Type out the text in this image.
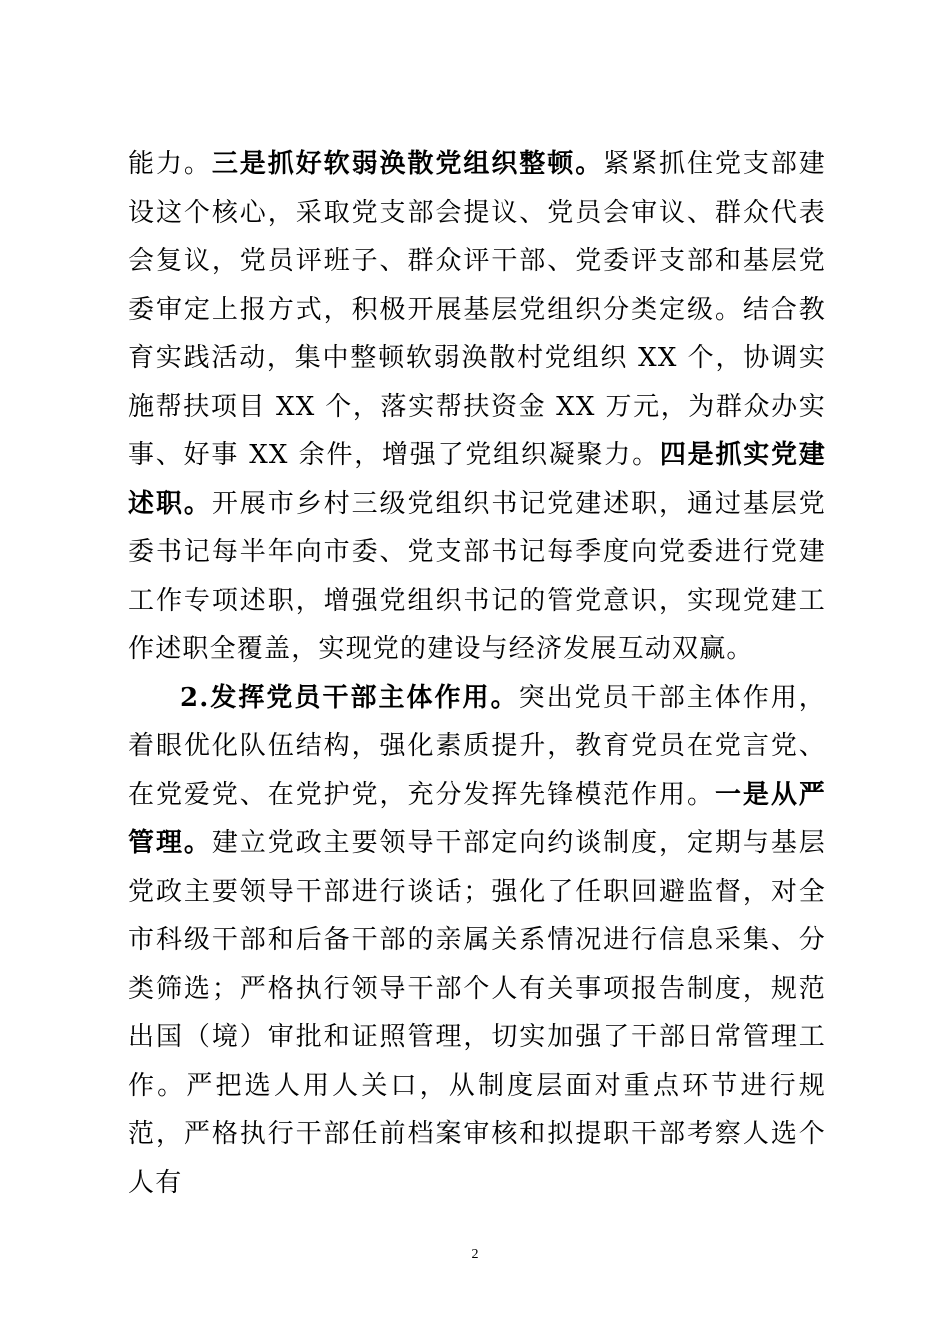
能力。三是抓好软弱涣散党组织整顿。紧紧抓住党支部建设这个核心，采取党支部会提议、党员会审议、群众代表会复议，党员评班子、群众评干部、党委评支部和基层党委审定上报方式，积极开展基层党组织分类定级。结合教育实践活动，集中整顿软弱涣散村党组织 XX 个，协调实施帮扶项目 XX 个，落实帮扶资金 XX 万元，为群众办实事、好事 XX 余件，增强了党组织凝聚力。四是抓实党建述职。开展市乡村三级党组织书记党建述职，通过基层党委书记每半年向市委、党支部书记每季度向党委进行党建工作专项述职，增强党组织书记的管党意识，实现党建工作述职全覆盖，实现党的建设与经济发展互动双赢。

2.发挥党员干部主体作用。突出党员干部主体作用，着眼优化队伍结构，强化素质提升，教育党员在党言党、在党爱党、在党护党，充分发挥先锋模范作用。一是从严管理。建立党政主要领导干部定向约谈制度，定期与基层党政主要领导干部进行谈话；强化了任职回避监督，对全市科级干部和后备干部的亲属关系情况进行信息采集、分类筛选；严格执行领导干部个人有关事项报告制度，规范出国（境）审批和证照管理，切实加强了干部日常管理工作。严把选人用人关口，从制度层面对重点环节进行规范，严格执行干部任前档案审核和拟提职干部考察人选个人有

2
